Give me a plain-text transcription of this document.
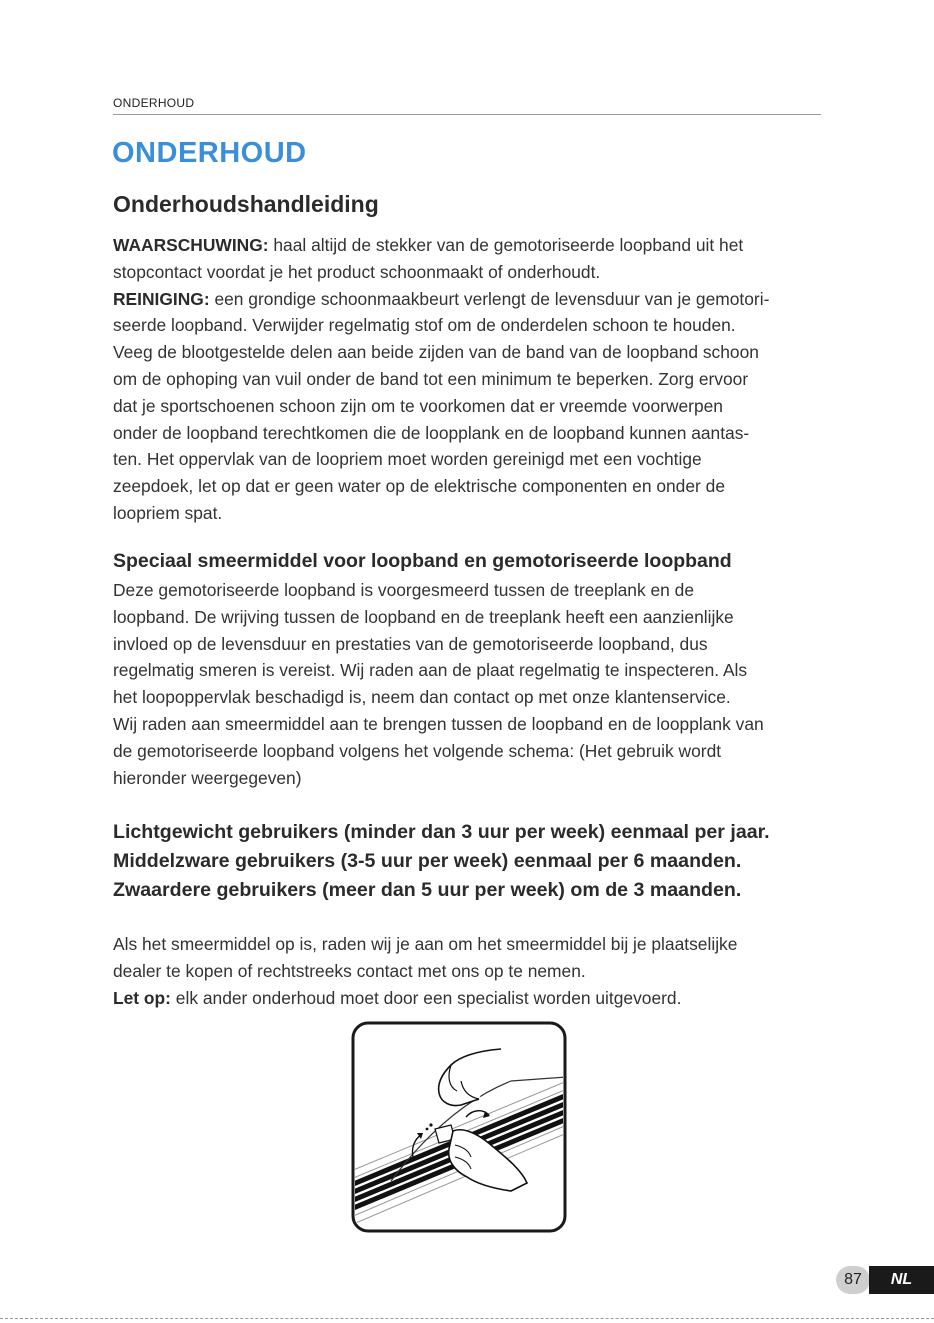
ONDERHOUD
ONDERHOUD
Onderhoudshandleiding
WAARSCHUWING: haal altijd de stekker van de gemotoriseerde loopband uit het
stopcontact voordat je het product schoonmaakt of onderhoudt.
REINIGING: een grondige schoonmaakbeurt verlengt de levensduur van je gemotori-
seerde loopband. Verwijder regelmatig stof om de onderdelen schoon te houden.
Veeg de blootgestelde delen aan beide zijden van de band van de loopband schoon
om de ophoping van vuil onder de band tot een minimum te beperken. Zorg ervoor
dat je sportschoenen schoon zijn om te voorkomen dat er vreemde voorwerpen
onder de loopband terechtkomen die de loopplank en de loopband kunnen aantas-
ten. Het oppervlak van de loopriem moet worden gereinigd met een vochtige
zeepdoek, let op dat er geen water op de elektrische componenten en onder de
loopriem spat.
Speciaal smeermiddel voor loopband en gemotoriseerde loopband
Deze gemotoriseerde loopband is voorgesmeerd tussen de treeplank en de
loopband. De wrijving tussen de loopband en de treeplank heeft een aanzienlijke
invloed op de levensduur en prestaties van de gemotoriseerde loopband, dus
regelmatig smeren is vereist. Wij raden aan de plaat regelmatig te inspecteren. Als
het loopoppervlak beschadigd is, neem dan contact op met onze klantenservice.
Wij raden aan smeermiddel aan te brengen tussen de loopband en de loopplank van
de gemotoriseerde loopband volgens het volgende schema: (Het gebruik wordt
hieronder weergegeven)
Lichtgewicht gebruikers (minder dan 3 uur per week) eenmaal per jaar.
Middelzware gebruikers (3-5 uur per week) eenmaal per 6 maanden.
Zwaardere gebruikers (meer dan 5 uur per week) om de 3 maanden.
Als het smeermiddel op is, raden wij je aan om het smeermiddel bij je plaatselijke
dealer te kopen of rechtstreeks contact met ons op te nemen.
Let op: elk ander onderhoud moet door een specialist worden uitgevoerd.
87	NL
